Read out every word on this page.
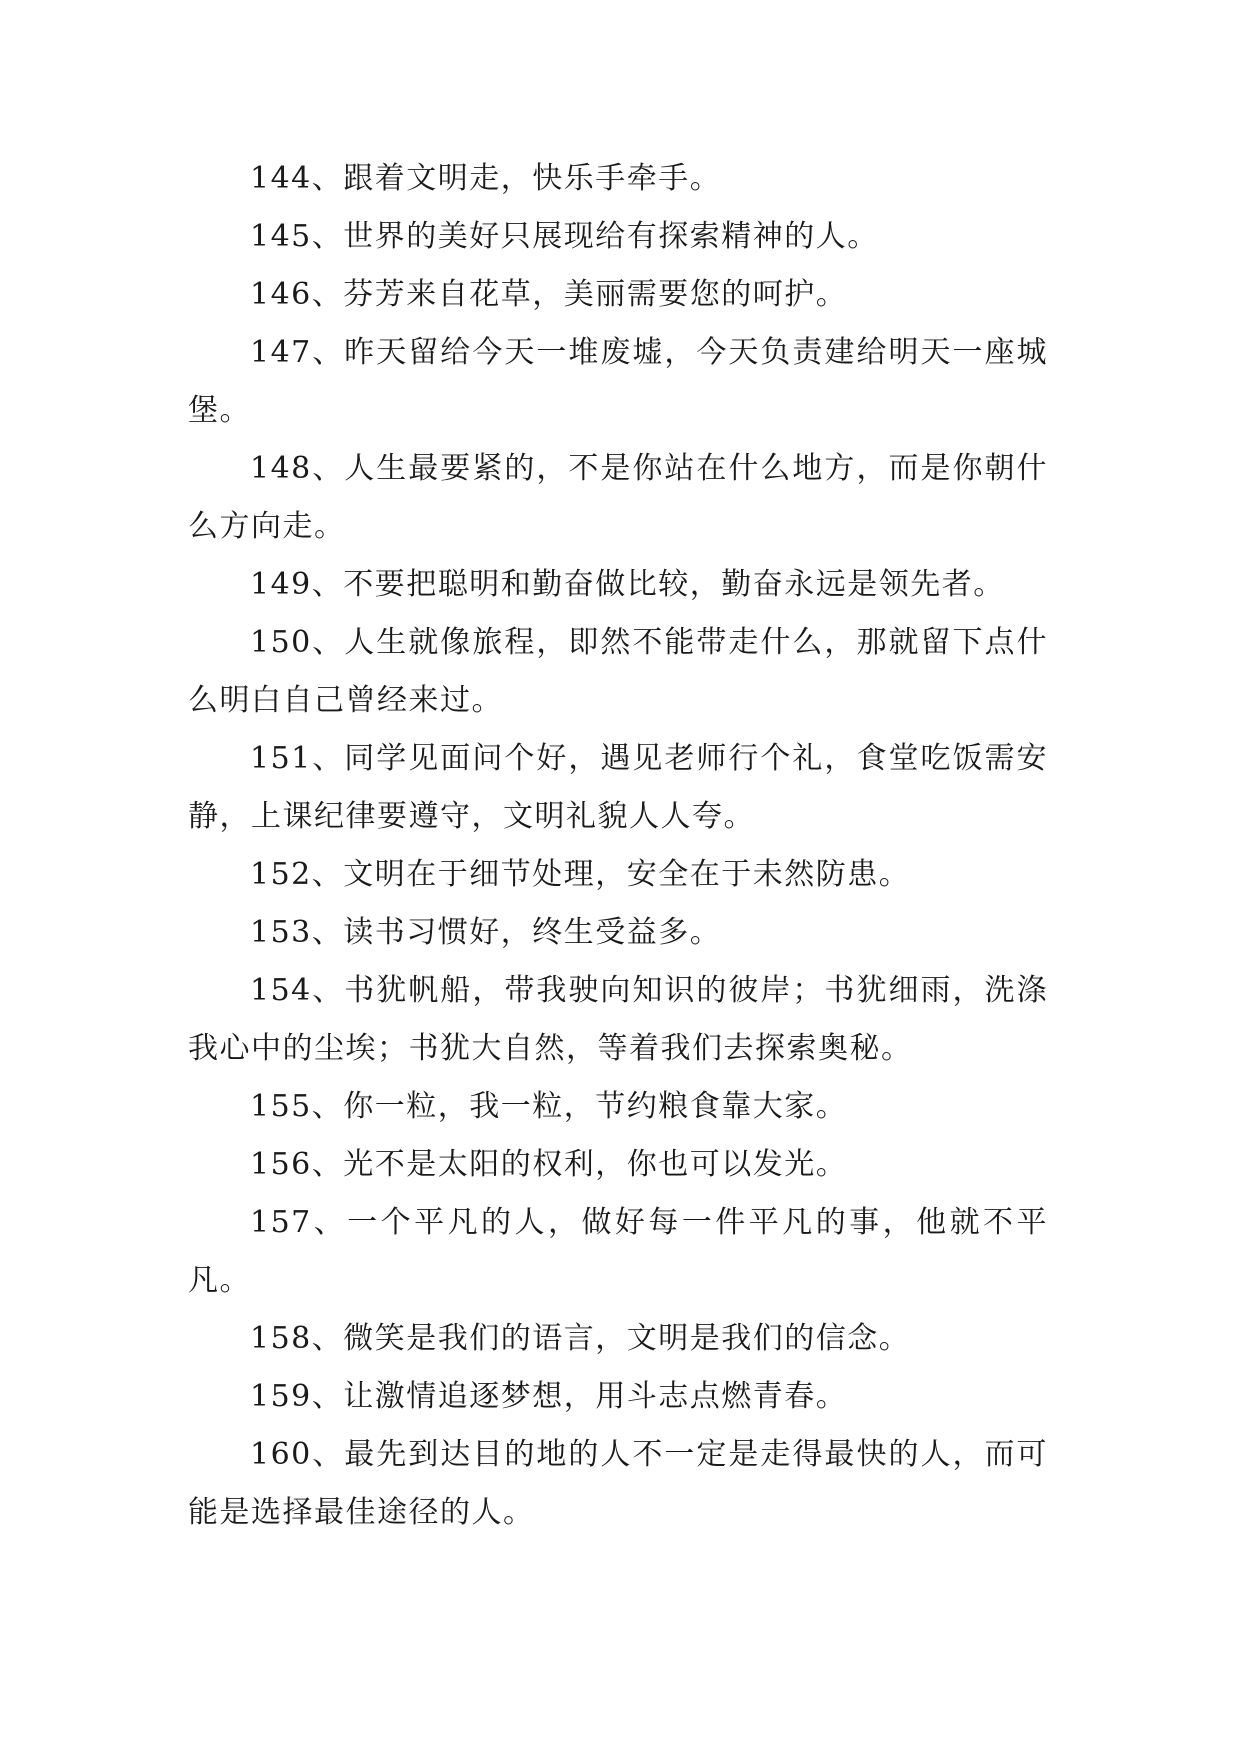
144、跟着文明走，快乐手牵手。

145、世界的美好只展现给有探索精神的人。

146、芬芳来自花草，美丽需要您的呵护。

147、昨天留给今天一堆废墟，今天负责建给明天一座城堡。

148、人生最要紧的，不是你站在什么地方，而是你朝什么方向走。

149、不要把聪明和勤奋做比较，勤奋永远是领先者。

150、人生就像旅程，即然不能带走什么，那就留下点什么明白自己曾经来过。

151、同学见面问个好，遇见老师行个礼，食堂吃饭需安静，上课纪律要遵守，文明礼貌人人夸。

152、文明在于细节处理，安全在于未然防患。

153、读书习惯好，终生受益多。

154、书犹帆船，带我驶向知识的彼岸；书犹细雨，洗涤我心中的尘埃；书犹大自然，等着我们去探索奥秘。

155、你一粒，我一粒，节约粮食靠大家。

156、光不是太阳的权利，你也可以发光。

157、一个平凡的人，做好每一件平凡的事，他就不平凡。

158、微笑是我们的语言，文明是我们的信念。

159、让激情追逐梦想，用斗志点燃青春。

160、最先到达目的地的人不一定是走得最快的人，而可能是选择最佳途径的人。
